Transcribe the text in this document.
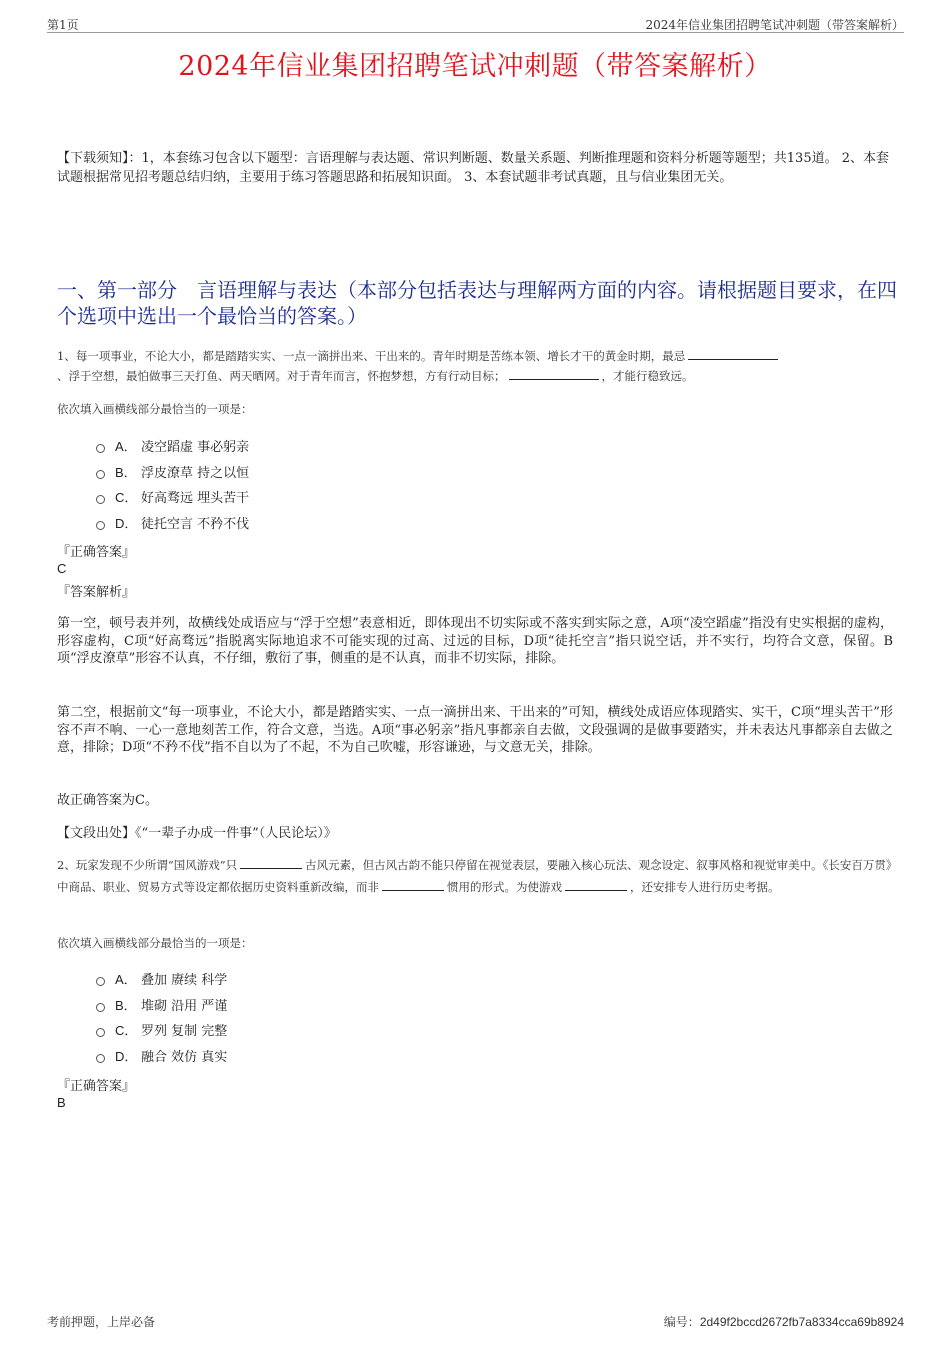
第1页	2024年信业集团招聘笔试冲刺题（带答案解析）
2024年信业集团招聘笔试冲刺题（带答案解析）
【下载须知】：1，本套练习包含以下题型：言语理解与表达题、常识判断题、数量关系题、判断推理题和资料分析题等题型；共135道。 2、本套试题根据常见招考题总结归纳，主要用于练习答题思路和拓展知识面。 3、本套试题非考试真题，且与信业集团无关。
一、第一部分　言语理解与表达（本部分包括表达与理解两方面的内容。请根据题目要求，在四个选项中选出一个最恰当的答案。）
1、每一项事业，不论大小，都是踏踏实实、一点一滴拼出来、干出来的。青年时期是苦练本领、增长才干的黄金时期，最忌
、浮于空想，最怕做事三天打鱼、两天晒网。对于青年而言，怀抱梦想，方有行动目标；	，才能行稳致远。
依次填入画横线部分最恰当的一项是：
A． 凌空蹈虚 事必躬亲
B． 浮皮潦草 持之以恒
C． 好高骛远 埋头苦干
D． 徒托空言 不矜不伐
『正确答案』
C
『答案解析』
第一空，顿号表并列，故横线处成语应与“浮于空想”表意相近，即体现出不切实际或不落实到实际之意，A项“凌空蹈虚”指没有史实根据的虚构，形容虚构，C项“好高骛远”指脱离实际地追求不可能实现的过高、过远的目标，D项“徒托空言”指只说空话，并不实行，均符合文意，保留。B项“浮皮潦草”形容不认真，不仔细，敷衍了事，侧重的是不认真，而非不切实际，排除。
第二空，根据前文“每一项事业，不论大小，都是踏踏实实、一点一滴拼出来、干出来的”可知，横线处成语应体现踏实、实干，C项“埋头苦干”形容不声不响、一心一意地刻苦工作，符合文意，当选。A项“事必躬亲”指凡事都亲自去做，文段强调的是做事要踏实，并未表达凡事都亲自去做之意，排除；D项“不矜不伐”指不自以为了不起，不为自己吹嘘，形容谦逊，与文意无关，排除。
故正确答案为C。
【文段出处】《“一辈子办成一件事”（人民论坛）》
2、玩家发现不少所谓“国风游戏”只	古风元素，但古风古韵不能只停留在视觉表层，要融入核心玩法、观念设定、叙事风格和视觉审美中。《长安百万贯》中商品、职业、贸易方式等设定都依据历史资料重新改编，而非	惯用的形式。为使游戏	，还安排专人进行历史考据。
依次填入画横线部分最恰当的一项是：
A． 叠加 赓续 科学
B． 堆砌 沿用 严谨
C． 罗列 复制 完整
D． 融合 效仿 真实
『正确答案』
B
考前押题，上岸必备	编号：2d49f2bccd2672fb7a8334cca69b8924
